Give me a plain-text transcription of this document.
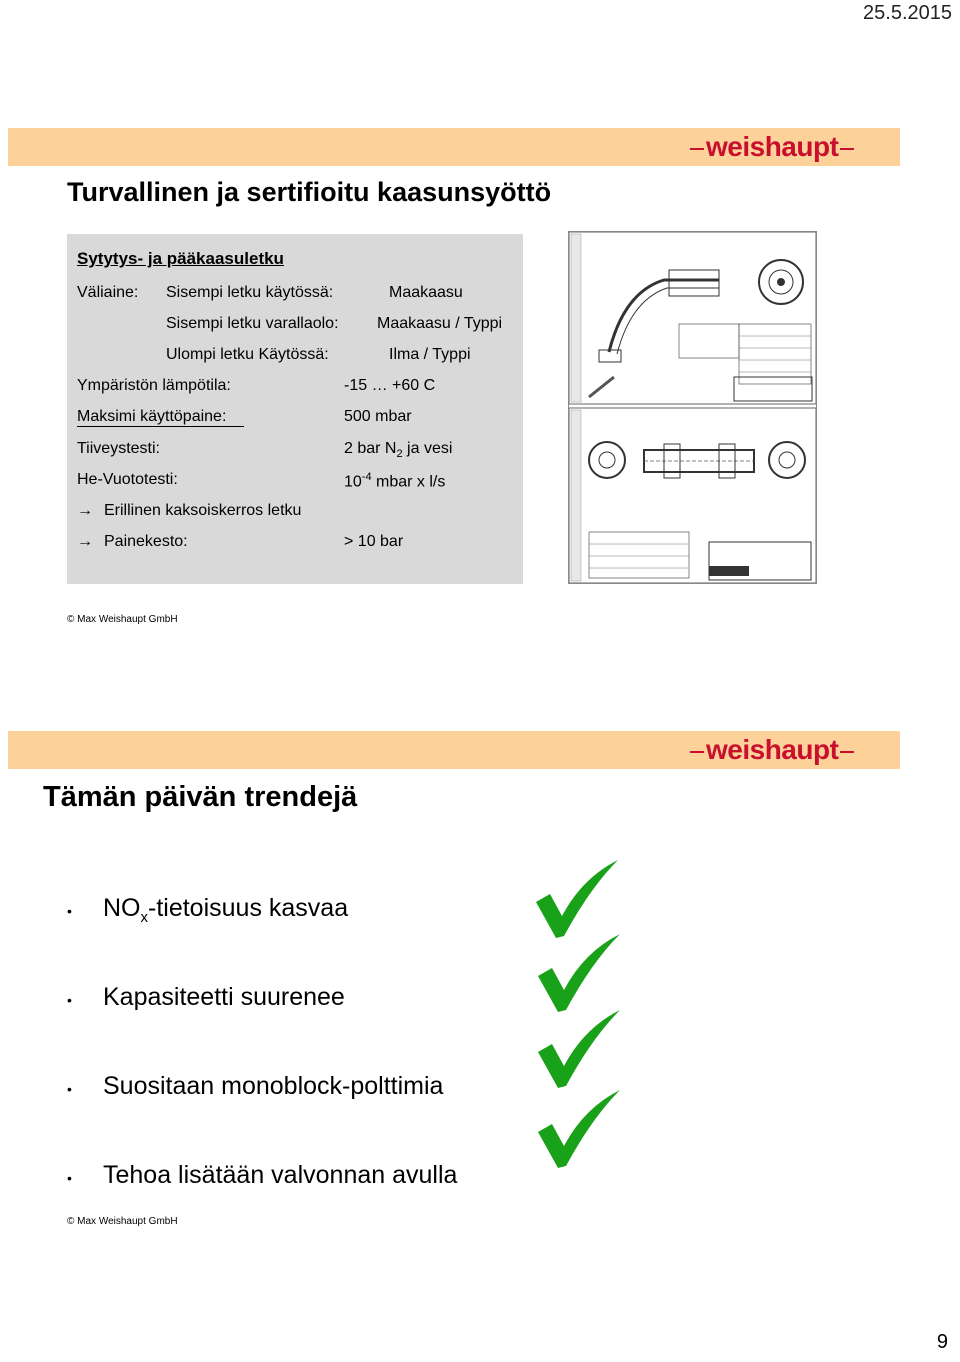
25.5.2015
weishaupt
Turvallinen ja sertifioitu kaasunsyöttö
Sytytys- ja pääkaasuletku
Väliaine: Sisempi letku käytössä:	Maakaasu
Sisempi letku varallaolo: Maakaasu / Typpi
Ulompi letku Käytössä:	Ilma / Typpi
Ympäristön lämpötila:	-15 … +60 C
Maksimi käyttöpaine:	500 mbar
Tiiveystesti:	2 bar $N_2$ ja vesi
He-Vuototesti:	$10^{-4}$ mbar x l/s
→ Erillinen kaksoiskerros letku
→ Painekesto:	> 10 bar
© Max Weishaupt GmbH
weishaupt
Tämän päivän trendejä
• $NO_x$-tietoisuus kasvaa
• Kapasiteetti suurenee
• Suositaan monoblock-polttimia
• Tehoa lisätään valvonnan avulla
© Max Weishaupt GmbH
9
